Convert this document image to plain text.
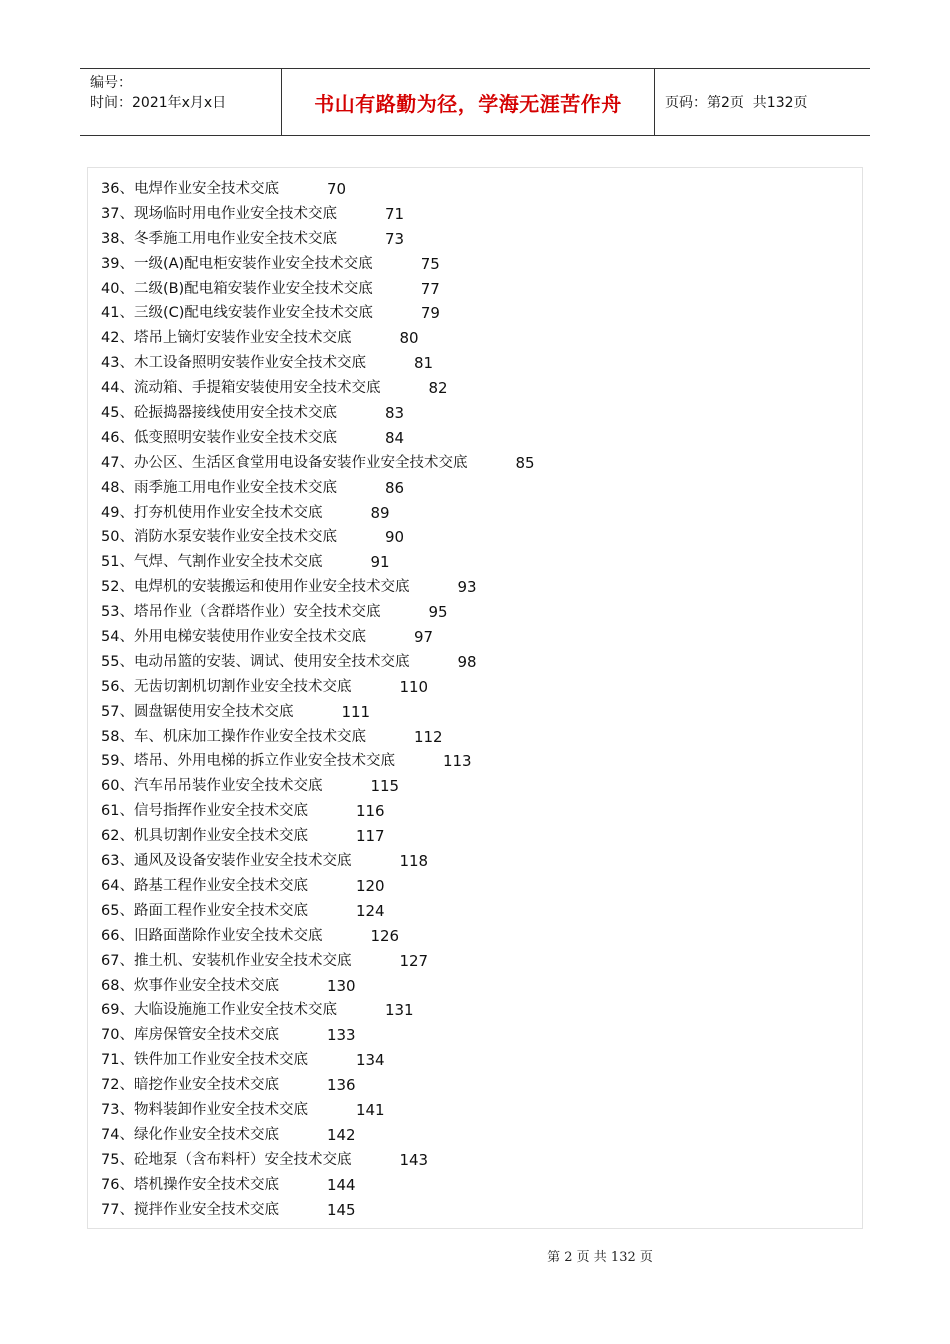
编号：
时间：2021年x月x日	书山有路勤为径，学海无涯苦作舟	页码：第2页  共132页
36、电焊作业安全技术交底	70
37、现场临时用电作业安全技术交底	71
38、冬季施工用电作业安全技术交底	73
39、一级(A)配电柜安装作业安全技术交底	75
40、二级(B)配电箱安装作业安全技术交底	77
41、三级(C)配电线安装作业安全技术交底	79
42、塔吊上镝灯安装作业安全技术交底	80
43、木工设备照明安装作业安全技术交底	81
44、流动箱、手提箱安装使用安全技术交底	82
45、砼振捣器接线使用安全技术交底	83
46、低变照明安装作业安全技术交底	84
47、办公区、生活区食堂用电设备安装作业安全技术交底	85
48、雨季施工用电作业安全技术交底	86
49、打夯机使用作业安全技术交底	89
50、消防水泵安装作业安全技术交底	90
51、气焊、气割作业安全技术交底	91
52、电焊机的安装搬运和使用作业安全技术交底	93
53、塔吊作业（含群塔作业）安全技术交底	95
54、外用电梯安装使用作业安全技术交底	97
55、电动吊篮的安装、调试、使用安全技术交底	98
56、无齿切割机切割作业安全技术交底	110
57、圆盘锯使用安全技术交底	111
58、车、机床加工操作作业安全技术交底	112
59、塔吊、外用电梯的拆立作业安全技术交底	113
60、汽车吊吊装作业安全技术交底	115
61、信号指挥作业安全技术交底	116
62、机具切割作业安全技术交底	117
63、通风及设备安装作业安全技术交底	118
64、路基工程作业安全技术交底	120
65、路面工程作业安全技术交底	124
66、旧路面凿除作业安全技术交底	126
67、推土机、安装机作业安全技术交底	127
68、炊事作业安全技术交底	130
69、大临设施施工作业安全技术交底	131
70、库房保管安全技术交底	133
71、铁件加工作业安全技术交底	134
72、暗挖作业安全技术交底	136
73、物料装卸作业安全技术交底	141
74、绿化作业安全技术交底	142
75、砼地泵（含布料杆）安全技术交底	143
76、塔机操作安全技术交底	144
77、搅拌作业安全技术交底	145
第 2 页 共 132 页
